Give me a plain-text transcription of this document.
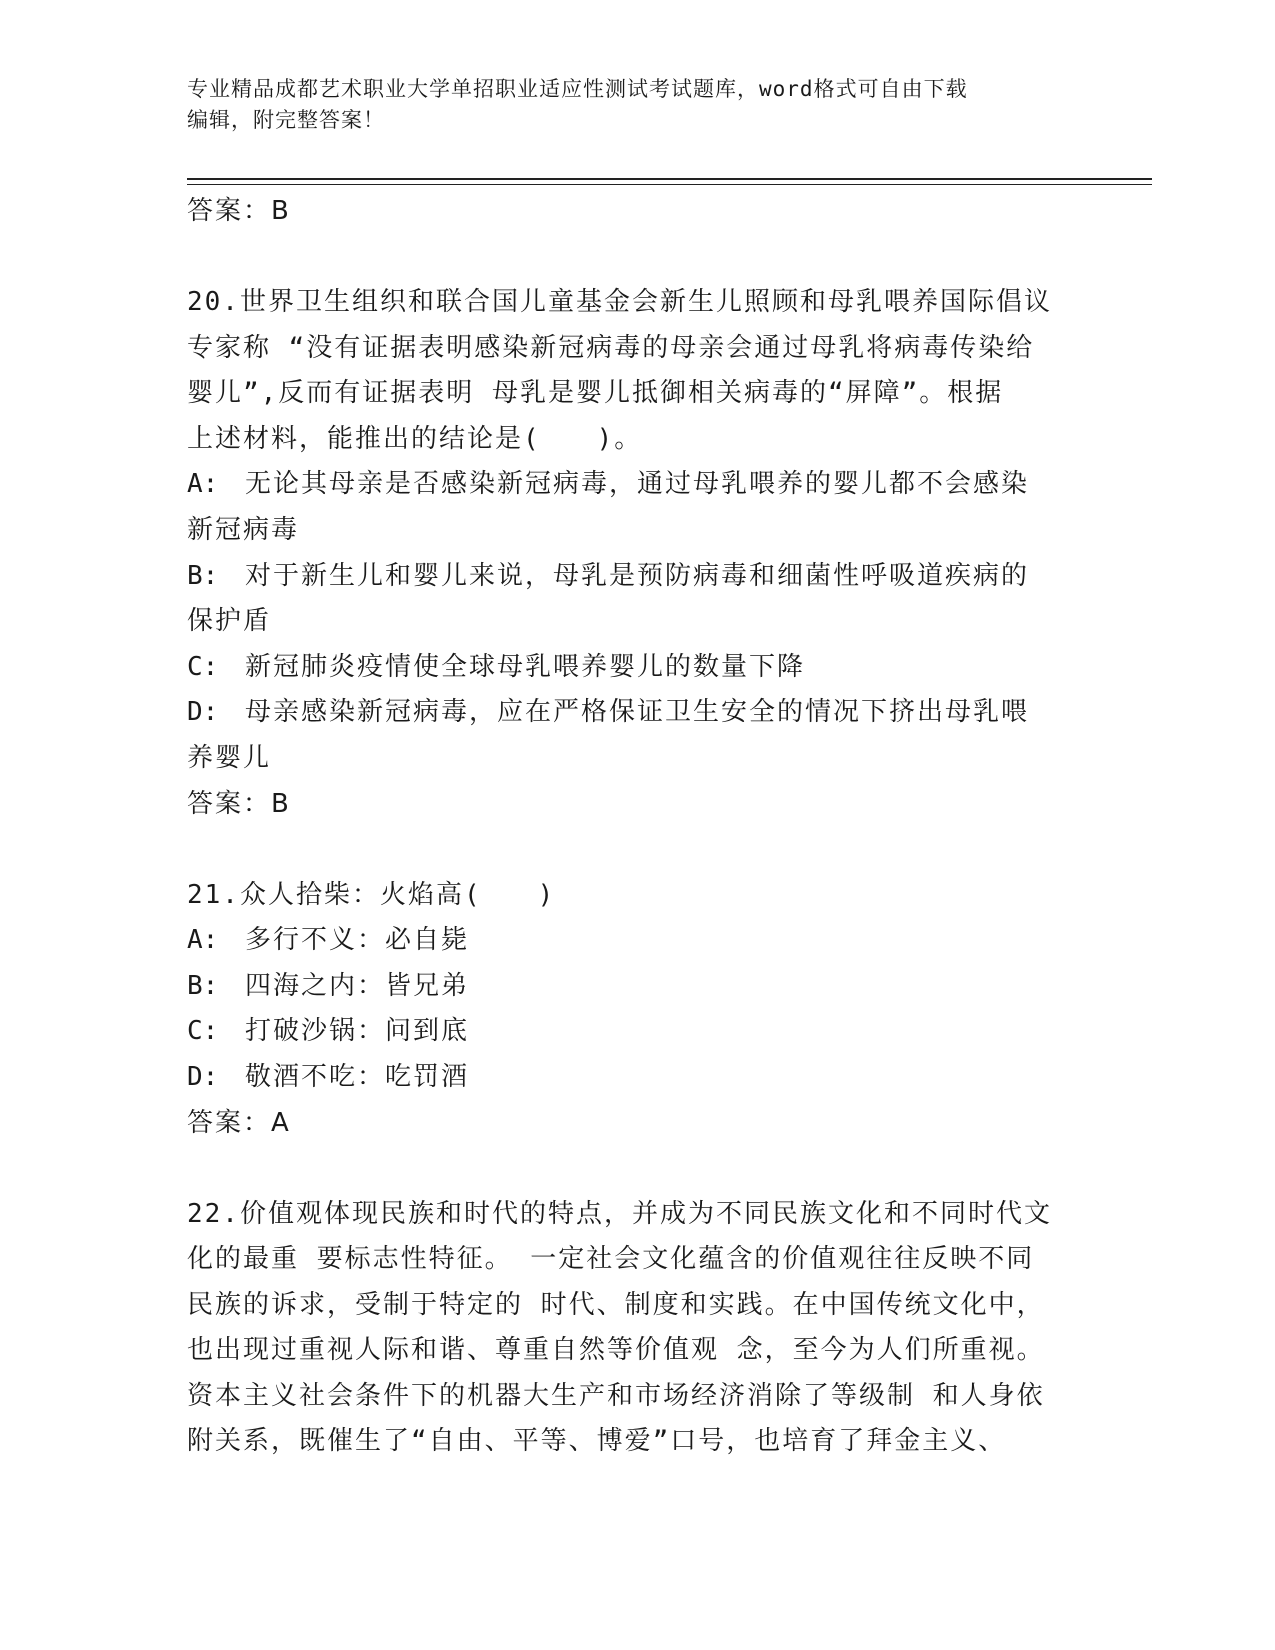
专业精品成都艺术职业大学单招职业适应性测试考试题库，word格式可自由下载
编辑，附完整答案！
答案：B
20.世界卫生组织和联合国儿童基金会新生儿照顾和母乳喂养国际倡议
专家称 “没有证据表明感染新冠病毒的母亲会通过母乳将病毒传染给
婴儿”,反而有证据表明 母乳是婴儿抵御相关病毒的“屏障”。根据
上述材料，能推出的结论是(　　)。
A: 无论其母亲是否感染新冠病毒，通过母乳喂养的婴儿都不会感染
新冠病毒
B: 对于新生儿和婴儿来说，母乳是预防病毒和细菌性呼吸道疾病的
保护盾
C: 新冠肺炎疫情使全球母乳喂养婴儿的数量下降
D: 母亲感染新冠病毒，应在严格保证卫生安全的情况下挤出母乳喂
养婴儿
答案：B
21.众人拾柴：火焰高(　　)
A: 多行不义：必自毙
B: 四海之内：皆兄弟
C: 打破沙锅：问到底
D: 敬酒不吃：吃罚酒
答案：A
22.价值观体现民族和时代的特点，并成为不同民族文化和不同时代文
化的最重 要标志性特征。 一定社会文化蕴含的价值观往往反映不同
民族的诉求，受制于特定的 时代、制度和实践。在中国传统文化中，
也出现过重视人际和谐、尊重自然等价值观 念，至今为人们所重视。
资本主义社会条件下的机器大生产和市场经济消除了等级制 和人身依
附关系，既催生了“自由、平等、博爱”口号，也培育了拜金主义、
